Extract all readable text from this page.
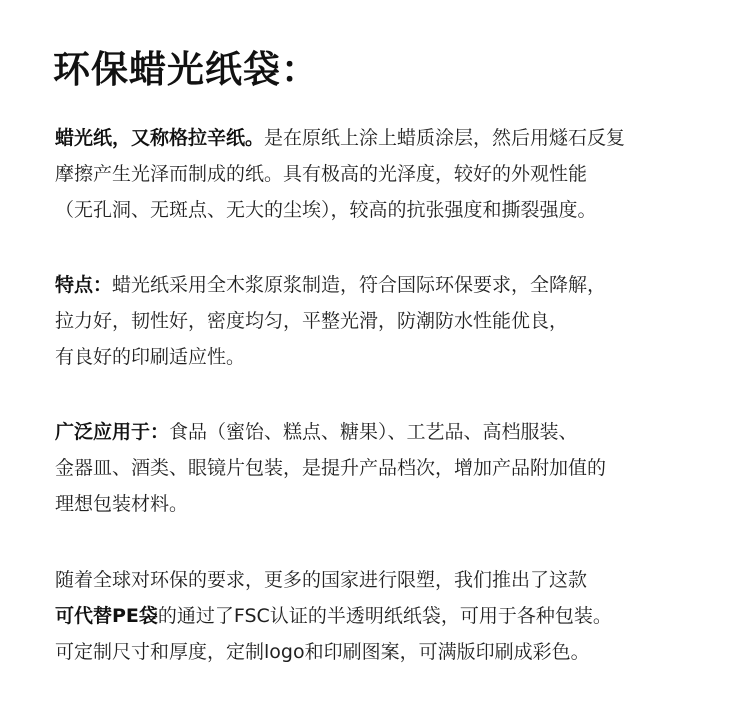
环保蜡光纸袋：
蜡光纸，又称格拉辛纸。是在原纸上涂上蜡质涂层，然后用燧石反复
摩擦产生光泽而制成的纸。具有极高的光泽度，较好的外观性能
（无孔洞、无斑点、无大的尘埃），较高的抗张强度和撕裂强度。
特点：蜡光纸采用全木浆原浆制造，符合国际环保要求，全降解，
拉力好，韧性好，密度均匀，平整光滑，防潮防水性能优良，
有良好的印刷适应性。
广泛应用于：食品（蜜饴、糕点、糖果）、工艺品、高档服装、
金器皿、酒类、眼镜片包装，是提升产品档次，增加产品附加值的
理想包装材料。
随着全球对环保的要求，更多的国家进行限塑，我们推出了这款
可代替PE袋的通过了FSC认证的半透明纸纸袋，可用于各种包装。
可定制尺寸和厚度，定制logo和印刷图案，可满版印刷成彩色。
